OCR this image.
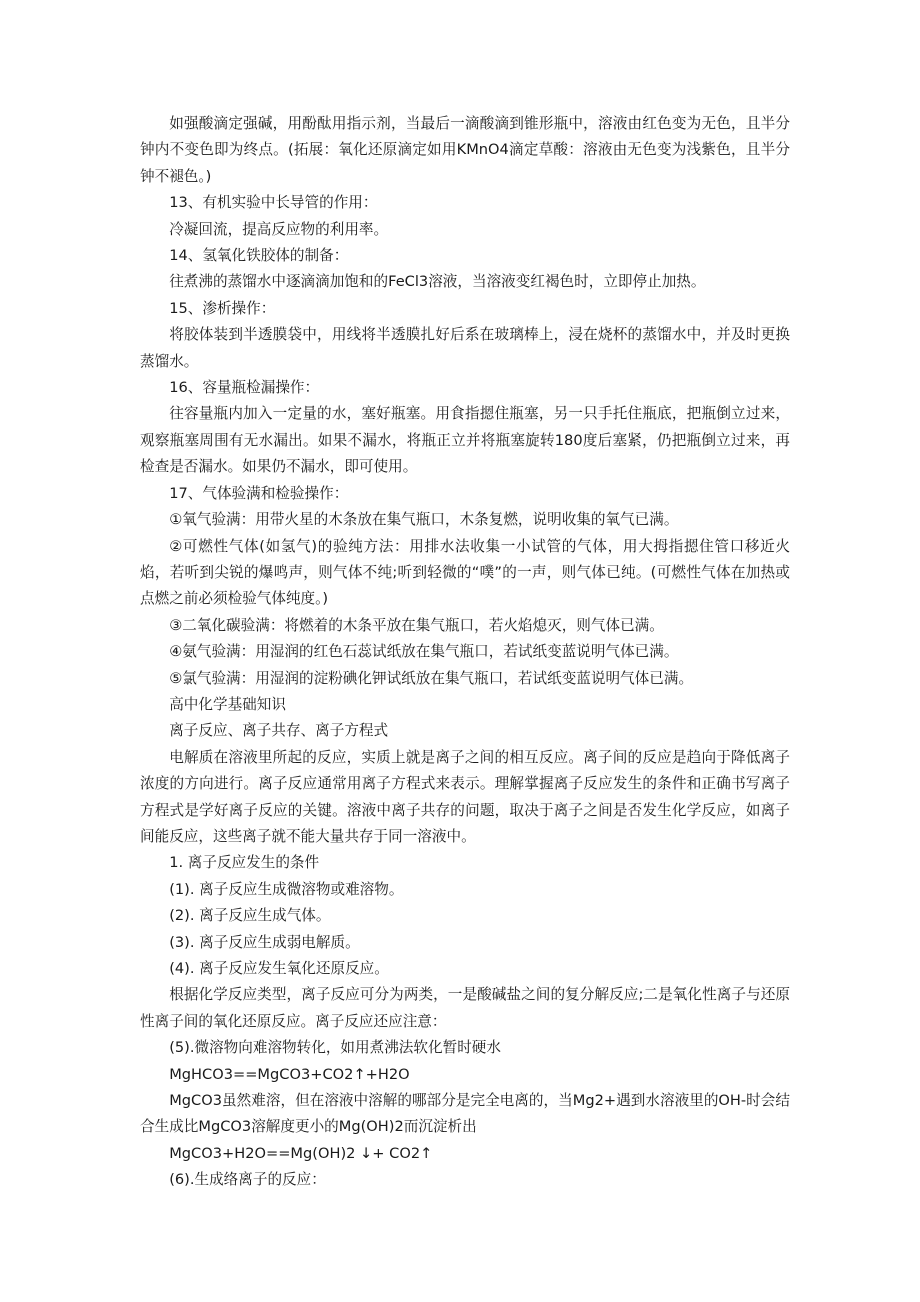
如强酸滴定强碱，用酚酞用指示剂，当最后一滴酸滴到锥形瓶中，溶液由红色变为无色，且半分钟内不变色即为终点。(拓展：氧化还原滴定如用KMnO4滴定草酸：溶液由无色变为浅紫色，且半分钟不褪色。)

13、有机实验中长导管的作用：

冷凝回流，提高反应物的利用率。

14、氢氧化铁胶体的制备：

往煮沸的蒸馏水中逐滴滴加饱和的FeCl3溶液，当溶液变红褐色时，立即停止加热。

15、渗析操作：

将胶体装到半透膜袋中，用线将半透膜扎好后系在玻璃棒上，浸在烧杯的蒸馏水中，并及时更换蒸馏水。

16、容量瓶检漏操作：

往容量瓶内加入一定量的水，塞好瓶塞。用食指摁住瓶塞，另一只手托住瓶底，把瓶倒立过来，观察瓶塞周围有无水漏出。如果不漏水，将瓶正立并将瓶塞旋转180度后塞紧，仍把瓶倒立过来，再检查是否漏水。如果仍不漏水，即可使用。

17、气体验满和检验操作：

①氧气验满：用带火星的木条放在集气瓶口，木条复燃，说明收集的氧气已满。

②可燃性气体(如氢气)的验纯方法：用排水法收集一小试管的气体，用大拇指摁住管口移近火焰，若听到尖锐的爆鸣声，则气体不纯;听到轻微的“噗”的一声，则气体已纯。(可燃性气体在加热或点燃之前必须检验气体纯度。)

③二氧化碳验满：将燃着的木条平放在集气瓶口，若火焰熄灭，则气体已满。

④氨气验满：用湿润的红色石蕊试纸放在集气瓶口，若试纸变蓝说明气体已满。

⑤氯气验满：用湿润的淀粉碘化钾试纸放在集气瓶口，若试纸变蓝说明气体已满。

高中化学基础知识

离子反应、离子共存、离子方程式

电解质在溶液里所起的反应，实质上就是离子之间的相互反应。离子间的反应是趋向于降低离子浓度的方向进行。离子反应通常用离子方程式来表示。理解掌握离子反应发生的条件和正确书写离子方程式是学好离子反应的关键。溶液中离子共存的问题，取决于离子之间是否发生化学反应，如离子间能反应，这些离子就不能大量共存于同一溶液中。

1. 离子反应发生的条件

(1). 离子反应生成微溶物或难溶物。

(2). 离子反应生成气体。

(3). 离子反应生成弱电解质。

(4). 离子反应发生氧化还原反应。

根据化学反应类型，离子反应可分为两类，一是酸碱盐之间的复分解反应;二是氧化性离子与还原性离子间的氧化还原反应。离子反应还应注意：

(5).微溶物向难溶物转化，如用煮沸法软化暂时硬水

MgHCO3==MgCO3+CO2↑+H2O

MgCO3虽然难溶，但在溶液中溶解的哪部分是完全电离的，当Mg2+遇到水溶液里的OH-时会结合生成比MgCO3溶解度更小的Mg(OH)2而沉淀析出

MgCO3+H2O==Mg(OH)2 ↓+ CO2↑

(6).生成络离子的反应：
